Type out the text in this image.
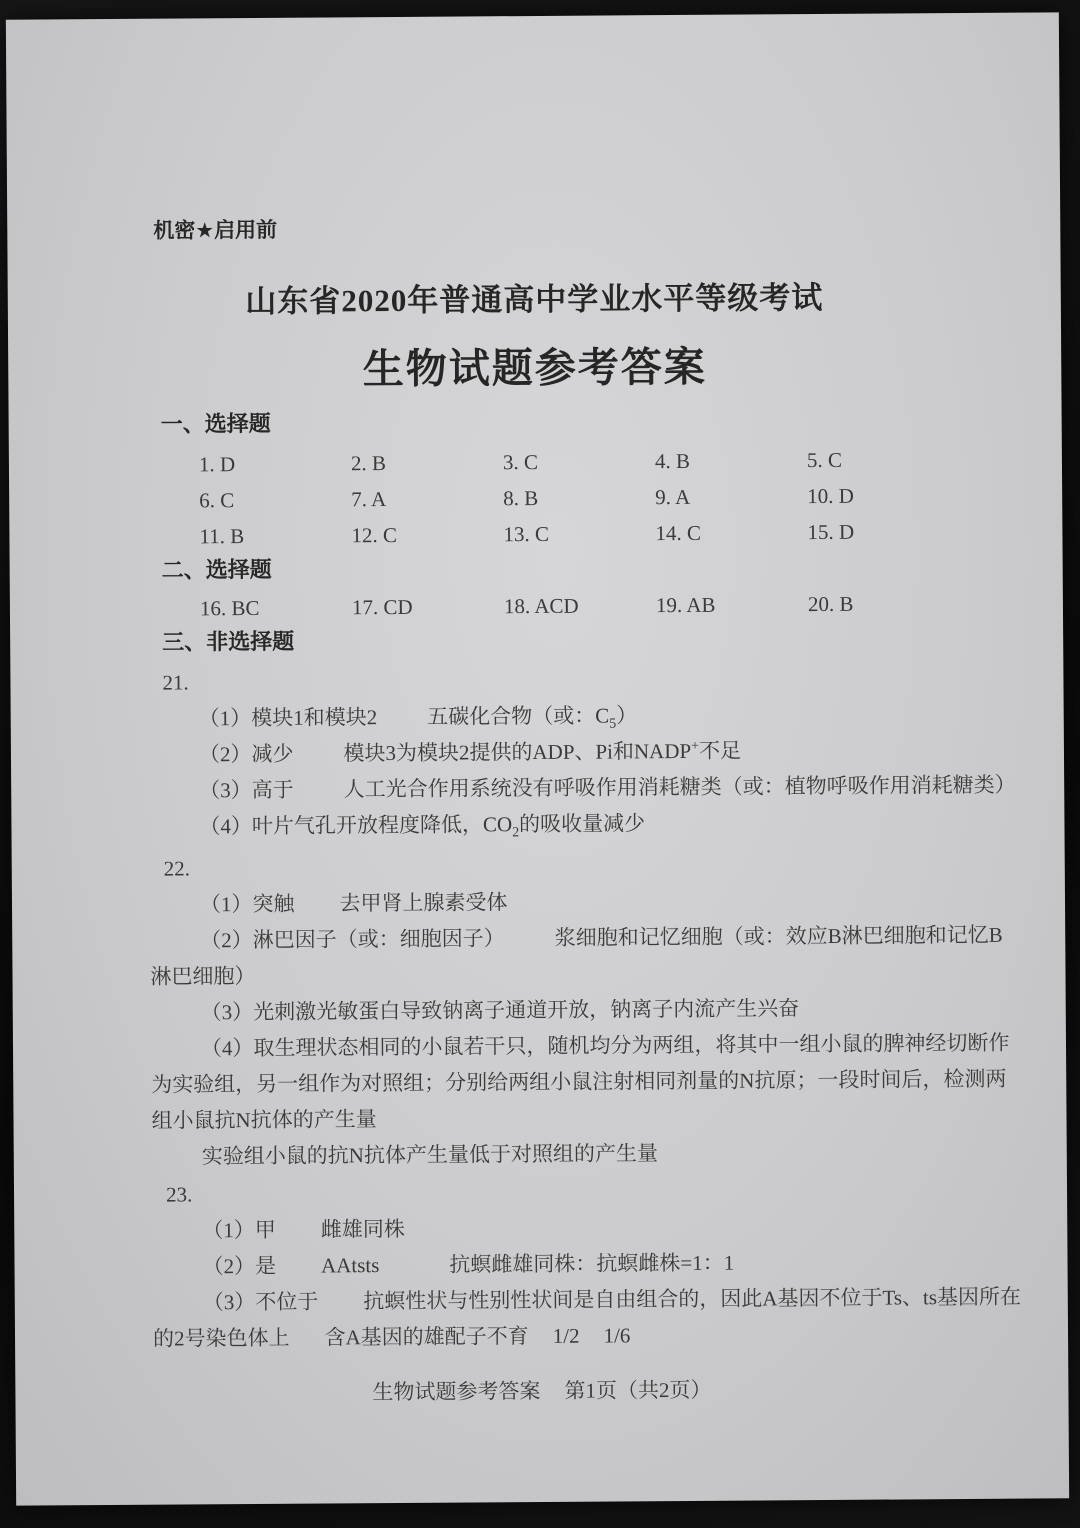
机密★启用前
山东省2020年普通高中学业水平等级考试
生物试题参考答案
一、选择题
1. D	2. B	3. C	4. B	5. C
6. C	7. A	8. B	9. A	10. D
11. B	12. C	13. C	14. C	15. D
二、选择题
16. BC	17. CD	18. ACD	19. AB	20. B
三、非选择题
21.
（1）模块1和模块2 五碳化合物（或：$C_5$）
（2）减少 模块3为模块2提供的ADP、Pi和NADP+不足
（3）高于 人工光合作用系统没有呼吸作用消耗糖类（或：植物呼吸作用消耗糖类）
（4）叶片气孔开放程度降低，$CO_2$的吸收量减少
22.
（1）突触 去甲肾上腺素受体
（2）淋巴因子（或：细胞因子） 浆细胞和记忆细胞（或：效应B淋巴细胞和记忆B
淋巴细胞）
（3）光刺激光敏蛋白导致钠离子通道开放，钠离子内流产生兴奋
（4）取生理状态相同的小鼠若干只，随机均分为两组，将其中一组小鼠的脾神经切断作
为实验组，另一组作为对照组；分别给两组小鼠注射相同剂量的N抗原；一段时间后，检测两
组小鼠抗N抗体的产生量
实验组小鼠的抗N抗体产生量低于对照组的产生量
23.
（1）甲 雌雄同株
（2）是 AAtsts	抗螟雌雄同株：抗螟雌株=1：1
（3）不位于 抗螟性状与性别性状间是自由组合的，因此A基因不位于Ts、ts基因所在
的2号染色体上 含A基因的雄配子不育 1/2 1/6
生物试题参考答案 第1页（共2页）
